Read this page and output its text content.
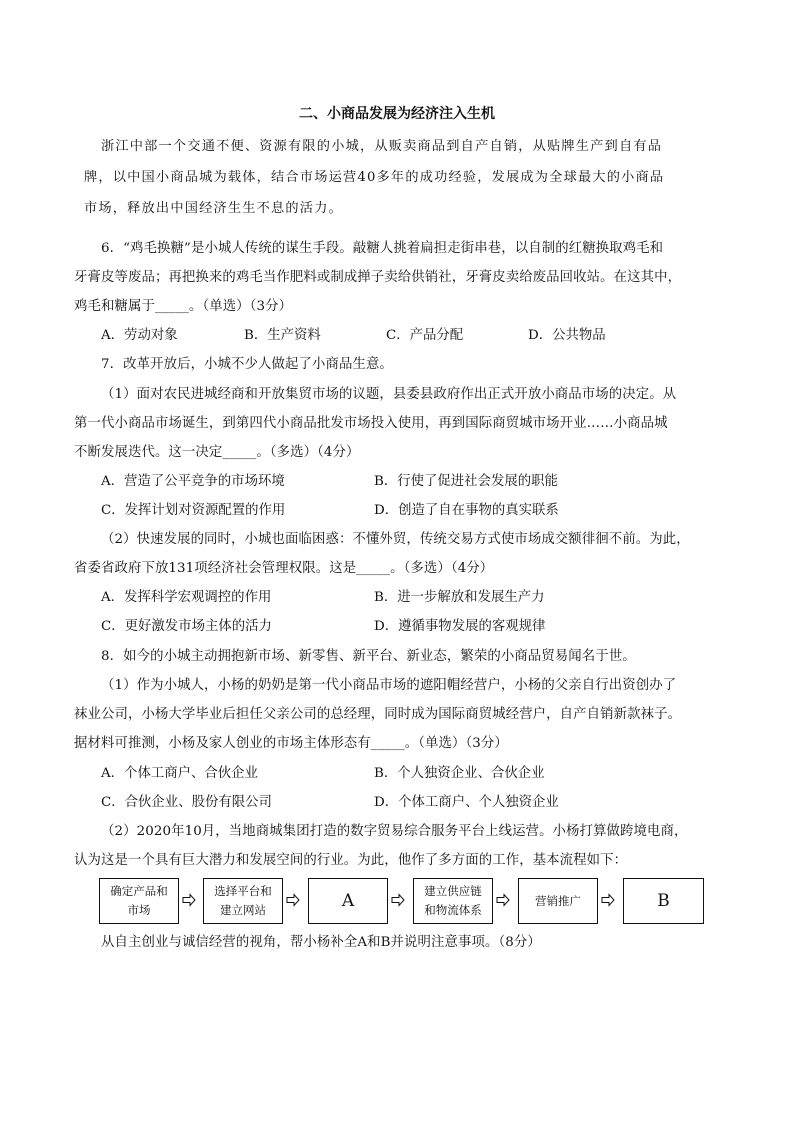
二、小商品发展为经济注入生机
浙江中部一个交通不便、资源有限的小城，从贩卖商品到自产自销，从贴牌生产到自有品
牌，以中国小商品城为载体，结合市场运营40多年的成功经验，发展成为全球最大的小商品
市场，释放出中国经济生生不息的活力。
6．“鸡毛换糖”是小城人传统的谋生手段。敲糖人挑着扁担走街串巷，以自制的红糖换取鸡毛和
牙膏皮等废品；再把换来的鸡毛当作肥料或制成掸子卖给供销社，牙膏皮卖给废品回收站。在这其中，
鸡毛和糖属于_____。（单选）（3分）
A．劳动对象	B．生产资料	C．产品分配	D．公共物品
7．改革开放后，小城不少人做起了小商品生意。
（1）面对农民进城经商和开放集贸市场的议题，县委县政府作出正式开放小商品市场的决定。从
第一代小商品市场诞生，到第四代小商品批发市场投入使用，再到国际商贸城市场开业……小商品城
不断发展迭代。这一决定_____。（多选）（4分）
A．营造了公平竞争的市场环境	B．行使了促进社会发展的职能
C．发挥计划对资源配置的作用	D．创造了自在事物的真实联系
（2）快速发展的同时，小城也面临困惑：不懂外贸，传统交易方式使市场成交额徘徊不前。为此，
省委省政府下放131项经济社会管理权限。这是_____。（多选）（4分）
A．发挥科学宏观调控的作用	B．进一步解放和发展生产力
C．更好激发市场主体的活力	D．遵循事物发展的客观规律
8．如今的小城主动拥抱新市场、新零售、新平台、新业态，繁荣的小商品贸易闻名于世。
（1）作为小城人，小杨的奶奶是第一代小商品市场的遮阳帽经营户，小杨的父亲自行出资创办了
袜业公司，小杨大学毕业后担任父亲公司的总经理，同时成为国际商贸城经营户，自产自销新款袜子。
据材料可推测，小杨及家人创业的市场主体形态有_____。（单选）（3分）
A．个体工商户、合伙企业	B．个人独资企业、合伙企业
C．合伙企业、股份有限公司	D．个体工商户、个人独资企业
（2）2020年10月，当地商城集团打造的数字贸易综合服务平台上线运营。小杨打算做跨境电商，
认为这是一个具有巨大潜力和发展空间的行业。为此，他作了多方面的工作，基本流程如下：
确定产品和
市场
选择平台和
建立网站	A	建立供应链
和物流体系
营销推广	B
从自主创业与诚信经营的视角，帮小杨补全A和B并说明注意事项。（8分）
